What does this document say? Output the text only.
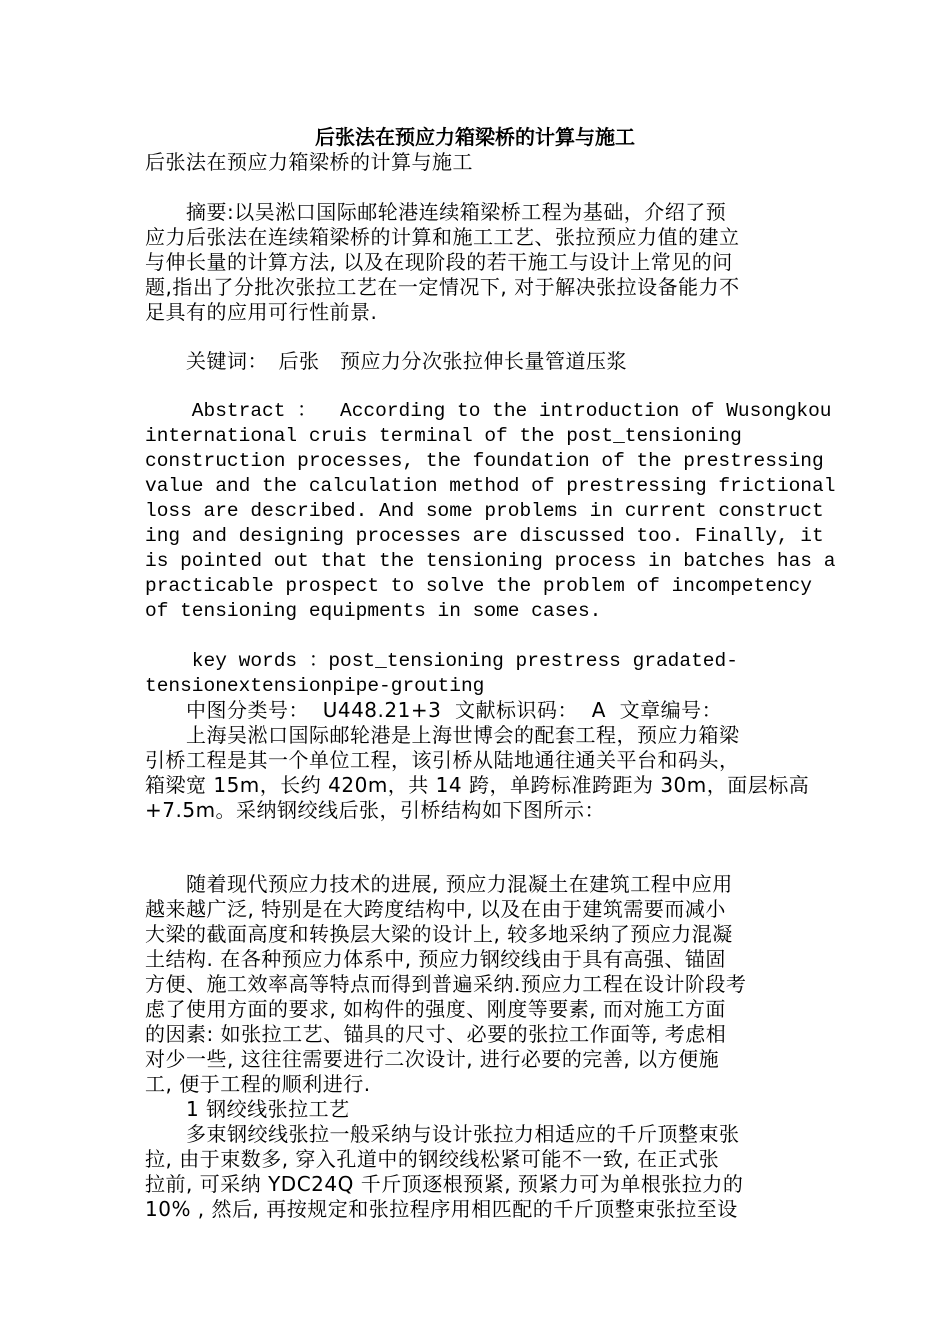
后张法在预应力箱梁桥的计算与施工
后张法在预应力箱梁桥的计算与施工
　　摘要:以吴淞口国际邮轮港连续箱梁桥工程为基础，介绍了预
应力后张法在连续箱梁桥的计算和施工工艺、张拉预应力值的建立
与伸长量的计算方法, 以及在现阶段的若干施工与设计上常见的问
题,指出了分批次张拉工艺在一定情况下, 对于解决张拉设备能力不
足具有的应用可行性前景.
　　关键词：　后张　预应力分次张拉伸长量管道压浆
Abstract ：  According to the introduction of Wusongkou
international cruis terminal of the post_tensioning
construction processes, the foundation of the prestressing
value and the calculation method of prestressing frictional
loss are described. And some problems in current construct
ing and designing processes are discussed too. Finally, it
is pointed out that the tensioning process in batches has a
practicable prospect to solve the problem of incompetency
of tensioning equipments in some cases.
key words ：post_tensioning prestress gradated-
tensionextensionpipe-grouting
　　中图分类号：  U448.21+3  文献标识码：  A  文章编号：
　　上海吴淞口国际邮轮港是上海世博会的配套工程，预应力箱梁
引桥工程是其一个单位工程，该引桥从陆地通往通关平台和码头，
箱梁宽 15m，长约 420m，共 14 跨，单跨标准跨距为 30m，面层标高
+7.5m。采纳钢绞线后张，引桥结构如下图所示：
　　随着现代预应力技术的进展, 预应力混凝土在建筑工程中应用
越来越广泛, 特别是在大跨度结构中, 以及在由于建筑需要而减小
大梁的截面高度和转换层大梁的设计上, 较多地采纳了预应力混凝
土结构. 在各种预应力体系中, 预应力钢绞线由于具有高强、锚固
方便、施工效率高等特点而得到普遍采纳.预应力工程在设计阶段考
虑了使用方面的要求, 如构件的强度、刚度等要素, 而对施工方面
的因素: 如张拉工艺、锚具的尺寸、必要的张拉工作面等, 考虑相
对少一些, 这往往需要进行二次设计, 进行必要的完善, 以方便施
工, 便于工程的顺利进行.
　　1 钢绞线张拉工艺
　　多束钢绞线张拉一般采纳与设计张拉力相适应的千斤顶整束张
拉, 由于束数多, 穿入孔道中的钢绞线松紧可能不一致, 在正式张
拉前, 可采纳 YDC24Q 千斤顶逐根预紧, 预紧力可为单根张拉力的
10% , 然后, 再按规定和张拉程序用相匹配的千斤顶整束张拉至设
